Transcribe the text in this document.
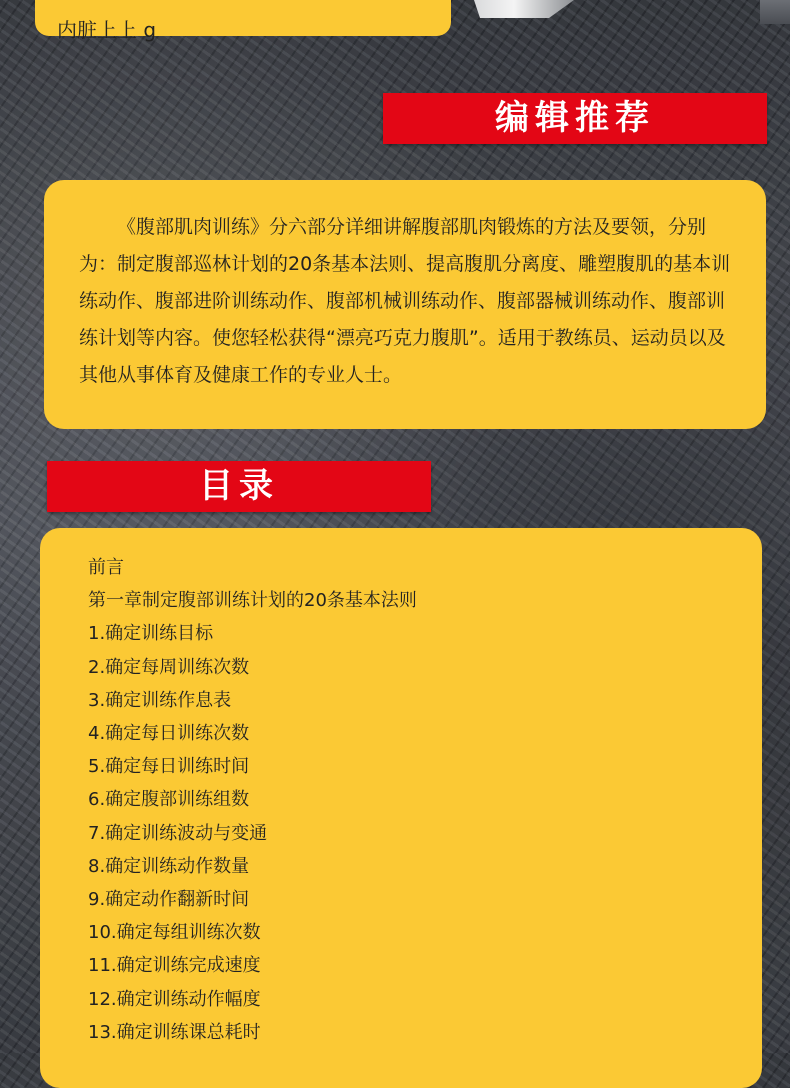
内脏上上 g
编辑推荐
《腹部肌肉训练》分六部分详细讲解腹部肌肉锻炼的方法及要领，分别为：制定腹部巡林计划的20条基本法则、提高腹肌分离度、雕塑腹肌的基本训练动作、腹部进阶训练动作、腹部机械训练动作、腹部器械训练动作、腹部训练计划等内容。使您轻松获得“漂亮巧克力腹肌”。适用于教练员、运动员以及其他从事体育及健康工作的专业人士。
目录
前言
第一章制定腹部训练计划的20条基本法则
1.确定训练目标
2.确定每周训练次数
3.确定训练作息表
4.确定每日训练次数
5.确定每日训练时间
6.确定腹部训练组数
7.确定训练波动与变通
8.确定训练动作数量
9.确定动作翻新时间
10.确定每组训练次数
11.确定训练完成速度
12.确定训练动作幅度
13.确定训练课总耗时
